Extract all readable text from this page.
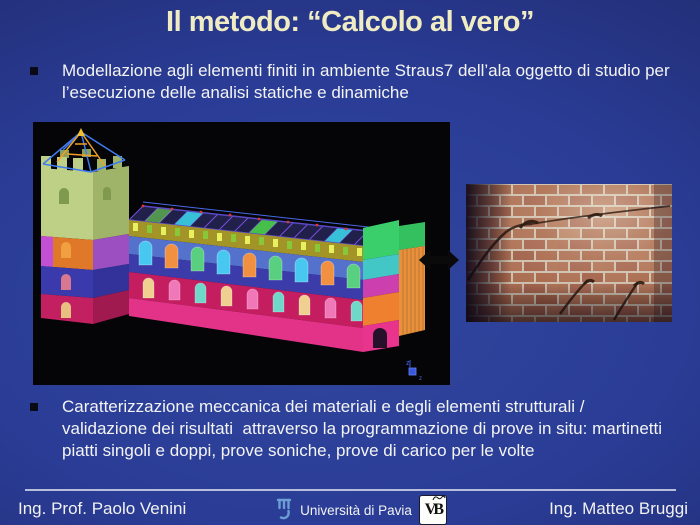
Il metodo: “Calcolo al vero”
Modellazione agli elementi finiti in ambiente Straus7 dell’ala oggetto di studio per l’esecuzione delle analisi statiche e dinamiche
z
z
Caratterizzazione meccanica dei materiali e degli elementi strutturali / validazione dei risultati  attraverso la programmazione di prove in situ: martinetti piatti singoli e doppi, prove soniche, prove di carico per le volte
Ing. Prof. Paolo Venini	Università di Pavia VB	Ing. Matteo Bruggi
